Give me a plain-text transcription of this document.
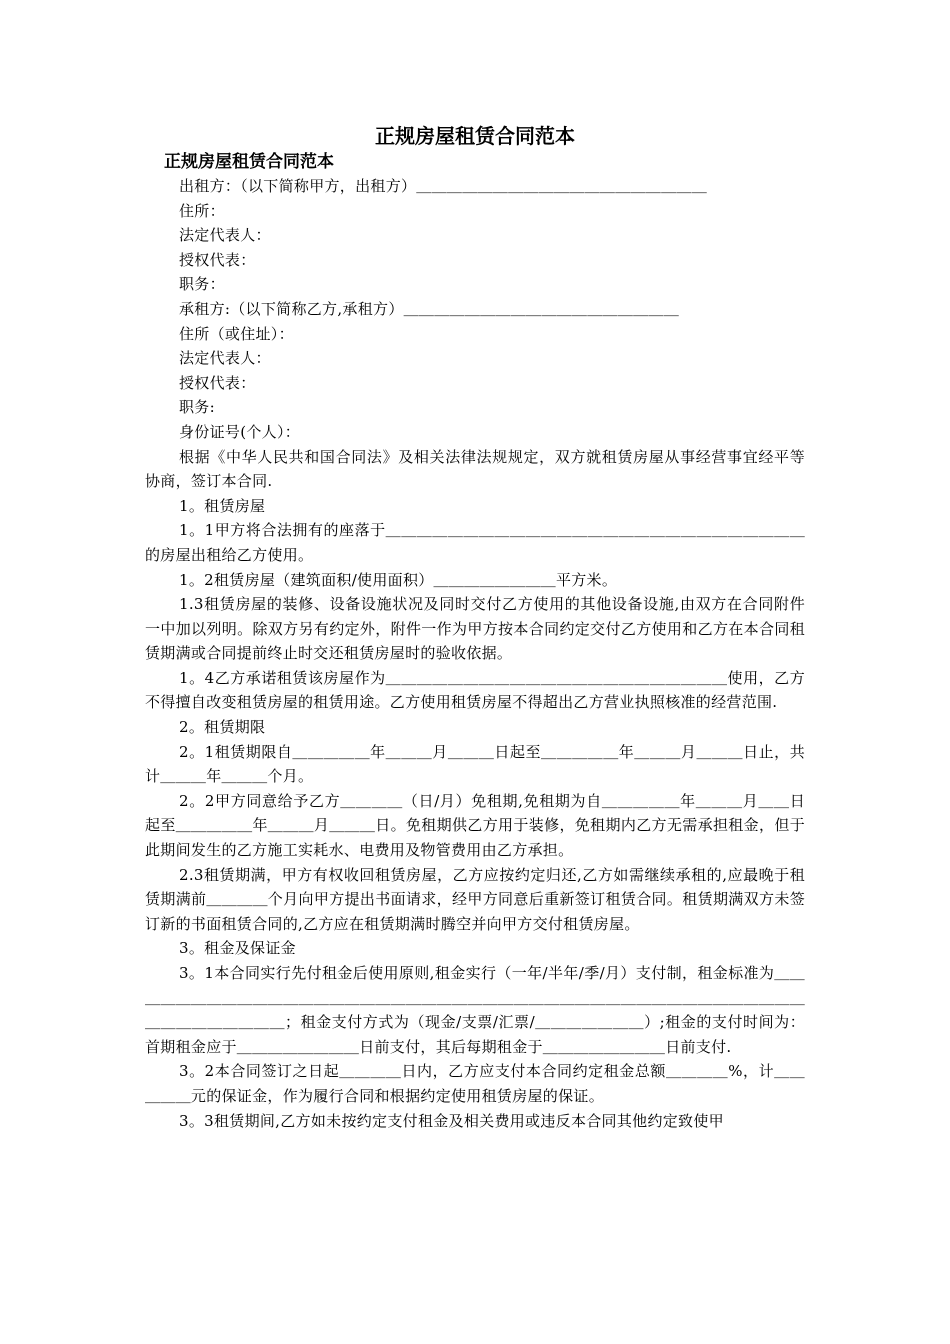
正规房屋租赁合同范本
正规房屋租赁合同范本
出租方：（以下简称甲方，出租方）＿＿＿＿＿＿＿＿＿＿＿＿＿＿＿＿＿＿＿
住所：
法定代表人：
授权代表：
职务：
承租方:（以下简称乙方,承租方）＿＿＿＿＿＿＿＿＿＿＿＿＿＿＿＿＿＿
住所（或住址）：
法定代表人：
授权代表：
职务:
身份证号(个人）：
根据《中华人民共和国合同法》及相关法律法规规定，双方就租赁房屋从事经营事宜经平等协商，签订本合同.
1。租赁房屋
1。1甲方将合法拥有的座落于＿＿＿＿＿＿＿＿＿＿＿＿＿＿＿＿＿＿＿＿＿＿＿＿＿＿＿的房屋出租给乙方使用。
1。2租赁房屋（建筑面积/使用面积）＿＿＿＿＿＿＿＿平方米。
1.3租赁房屋的装修、设备设施状况及同时交付乙方使用的其他设备设施,由双方在合同附件一中加以列明。除双方另有约定外，附件一作为甲方按本合同约定交付乙方使用和乙方在本合同租赁期满或合同提前终止时交还租赁房屋时的验收依据。
1。4乙方承诺租赁该房屋作为＿＿＿＿＿＿＿＿＿＿＿＿＿＿＿＿＿＿＿＿＿＿使用，乙方不得擅自改变租赁房屋的租赁用途。乙方使用租赁房屋不得超出乙方营业执照核准的经营范围.
2。租赁期限
2。1租赁期限自＿＿＿＿＿年＿＿＿月＿＿＿日起至＿＿＿＿＿年＿＿＿月＿＿＿日止，共计＿＿＿年＿＿＿个月。
2。2甲方同意给予乙方＿＿＿＿（日/月）免租期,免租期为自＿＿＿＿＿年＿＿＿月＿＿日起至＿＿＿＿＿年＿＿＿月＿＿＿日。免租期供乙方用于装修，免租期内乙方无需承担租金，但于此期间发生的乙方施工实耗水、电费用及物管费用由乙方承担。
2.3租赁期满，甲方有权收回租赁房屋，乙方应按约定归还,乙方如需继续承租的,应最晚于租赁期满前＿＿＿＿个月向甲方提出书面请求，经甲方同意后重新签订租赁合同。租赁期满双方未签订新的书面租赁合同的,乙方应在租赁期满时腾空并向甲方交付租赁房屋。
3。租金及保证金
3。1本合同实行先付租金后使用原则,租金实行（一年/半年/季/月）支付制，租金标准为＿＿＿＿＿＿＿＿＿＿＿＿＿＿＿＿＿＿＿＿＿＿＿＿＿＿＿＿＿＿＿＿＿＿＿＿＿＿＿＿＿＿＿＿＿＿＿＿＿＿＿＿＿＿；租金支付方式为（现金/支票/汇票/＿＿＿＿＿＿＿）;租金的支付时间为：首期租金应于＿＿＿＿＿＿＿＿日前支付，其后每期租金于＿＿＿＿＿＿＿＿日前支付.
3。2本合同签订之日起＿＿＿＿日内，乙方应支付本合同约定租金总额＿＿＿＿%，计＿＿＿＿＿元的保证金，作为履行合同和根据约定使用租赁房屋的保证。
3。3租赁期间,乙方如未按约定支付租金及相关费用或违反本合同其他约定致使甲
